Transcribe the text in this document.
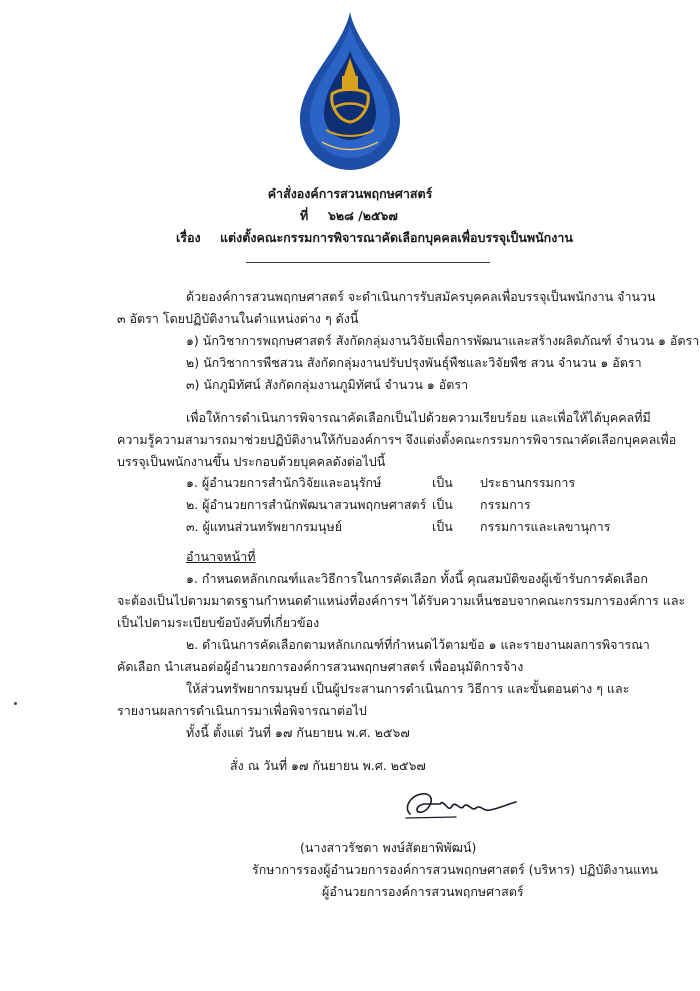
คำสั่งองค์การสวนพฤกษศาสตร์
ที่ ๖๒๘ /๒๕๖๗
เรื่อง แต่งตั้งคณะกรรมการพิจารณาคัดเลือกบุคคลเพื่อบรรจุเป็นพนักงาน
ด้วยองค์การสวนพฤกษศาสตร์ จะดำเนินการรับสมัครบุคคลเพื่อบรรจุเป็นพนักงาน จำนวน
๓ อัตรา โดยปฏิบัติงานในตำแหน่งต่าง ๆ ดังนี้
๑) นักวิชาการพฤกษศาสตร์ สังกัดกลุ่มงานวิจัยเพื่อการพัฒนาและสร้างผลิตภัณฑ์ จำนวน ๑ อัตรา
๒) นักวิชาการพืชสวน สังกัดกลุ่มงานปรับปรุงพันธุ์พืชและวิจัยพืช สวน จำนวน ๑ อัตรา
๓) นักภูมิทัศน์ สังกัดกลุ่มงานภูมิทัศน์ จำนวน ๑ อัตรา
เพื่อให้การดำเนินการพิจารณาคัดเลือกเป็นไปด้วยความเรียบร้อย และเพื่อให้ได้บุคคลที่มี
ความรู้ความสามารถมาช่วยปฏิบัติงานให้กับองค์การฯ จึงแต่งตั้งคณะกรรมการพิจารณาคัดเลือกบุคคลเพื่อ
บรรจุเป็นพนักงานขึ้น ประกอบด้วยบุคคลดังต่อไปนี้
๑. ผู้อำนวยการสำนักวิจัยและอนุรักษ์	เป็น ประธานกรรมการ
๒. ผู้อำนวยการสำนักพัฒนาสวนพฤกษศาสตร์ เป็น กรรมการ
๓. ผู้แทนส่วนทรัพยากรมนุษย์	เป็น กรรมการและเลขานุการ
อำนาจหน้าที่
๑. กำหนดหลักเกณฑ์และวิธีการในการคัดเลือก ทั้งนี้ คุณสมบัติของผู้เข้ารับการคัดเลือก
จะต้องเป็นไปตามมาตรฐานกำหนดตำแหน่งที่องค์การฯ ได้รับความเห็นชอบจากคณะกรรมการองค์การ และ
เป็นไปตามระเบียบข้อบังคับที่เกี่ยวข้อง
๒. ดำเนินการคัดเลือกตามหลักเกณฑ์ที่กำหนดไว้ตามข้อ ๑ และรายงานผลการพิจารณา
คัดเลือก นำเสนอต่อผู้อำนวยการองค์การสวนพฤกษศาสตร์ เพื่ออนุมัติการจ้าง
ให้ส่วนทรัพยากรมนุษย์ เป็นผู้ประสานการดำเนินการ วิธีการ และขั้นตอนต่าง ๆ และ
รายงานผลการดำเนินการมาเพื่อพิจารณาต่อไป
ทั้งนี้ ตั้งแต่ วันที่ ๑๗ กันยายน พ.ศ. ๒๕๖๗
สั่ง ณ วันที่ ๑๗ กันยายน พ.ศ. ๒๕๖๗
(นางสาวรัชดา พงษ์สัตยาพิพัฒน์)
รักษาการรองผู้อำนวยการองค์การสวนพฤกษศาสตร์ (บริหาร) ปฏิบัติงานแทน
ผู้อำนวยการองค์การสวนพฤกษศาสตร์
